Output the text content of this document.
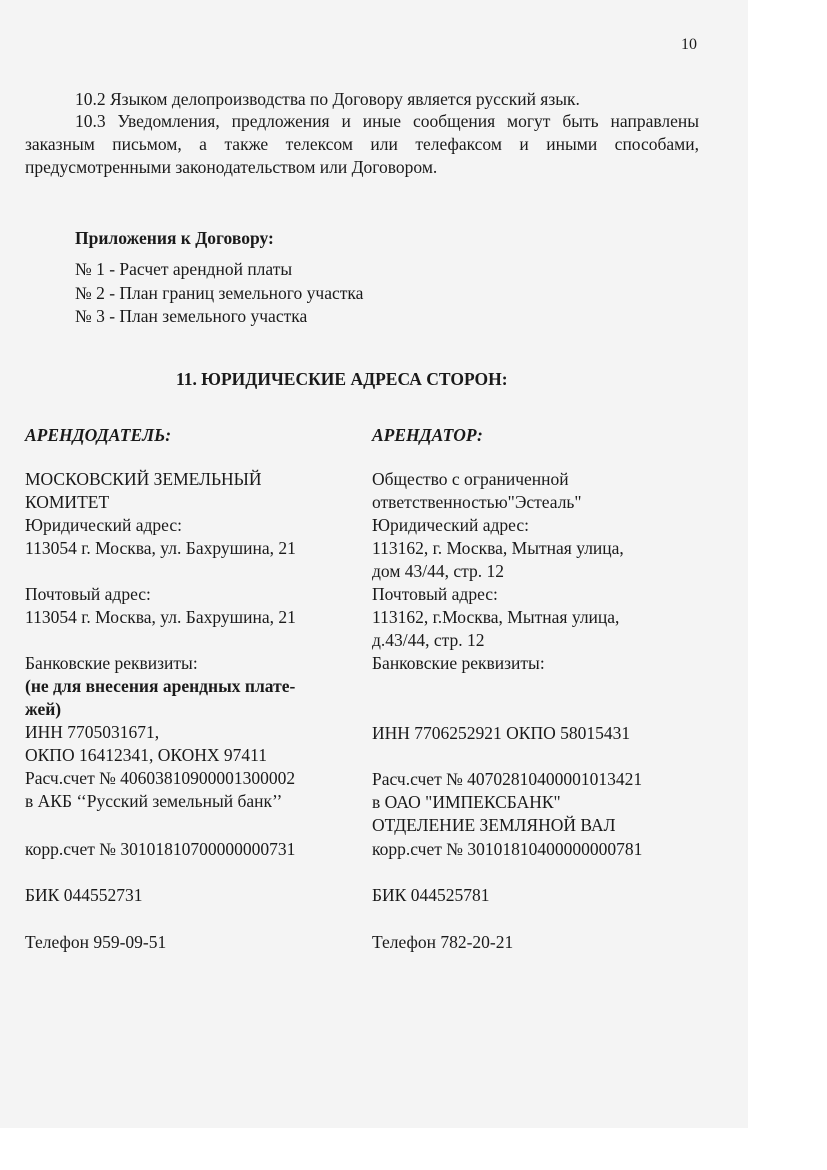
10

10.2 Языком делопроизводства по Договору является русский язык.

10.3 Уведомления, предложения и иные сообщения могут быть направлены заказным письмом, а также телексом или телефаксом и иными способами, предусмотренными законодательством или Договором.

Приложения к Договору:
№ 1 - Расчет арендной платы
№ 2 - План границ земельного участка
№ 3 - План земельного участка
11. ЮРИДИЧЕСКИЕ АДРЕСА СТОРОН:
АРЕНДОДАТЕЛЬ:
МОСКОВСКИЙ ЗЕМЕЛЬНЫЙ
КОМИТЕТ
Юридический адрес:
113054 г. Москва, ул. Бахрушина, 21

Почтовый адрес:
113054 г. Москва, ул. Бахрушина, 21

Банковские реквизиты:
(не для внесения арендных плате-
жей)
ИНН 7705031671,
ОКПО 16412341, ОКОНХ 97411
Расч.счет № 40603810900001300002
в АКБ ‘‘Русский земельный банк’’
корр.счет № 30101810700000000731
БИК 044552731
Телефон 959-09-51
АРЕНДАТОР:
Общество с ограниченной
ответственностью"Эстеаль"
Юридический адрес:
113162, г. Москва, Мытная улица,
дом 43/44, стр. 12
Почтовый адрес:
113162, г.Москва, Мытная улица,
д.43/44, стр. 12
Банковские реквизиты:
ИНН 7706252921 ОКПО 58015431
Расч.счет № 40702810400001013421
в ОАО "ИМПЕКСБАНК"
ОТДЕЛЕНИЕ ЗЕМЛЯНОЙ ВАЛ
корр.счет № 30101810400000000781
БИК 044525781
Телефон 782-20-21
